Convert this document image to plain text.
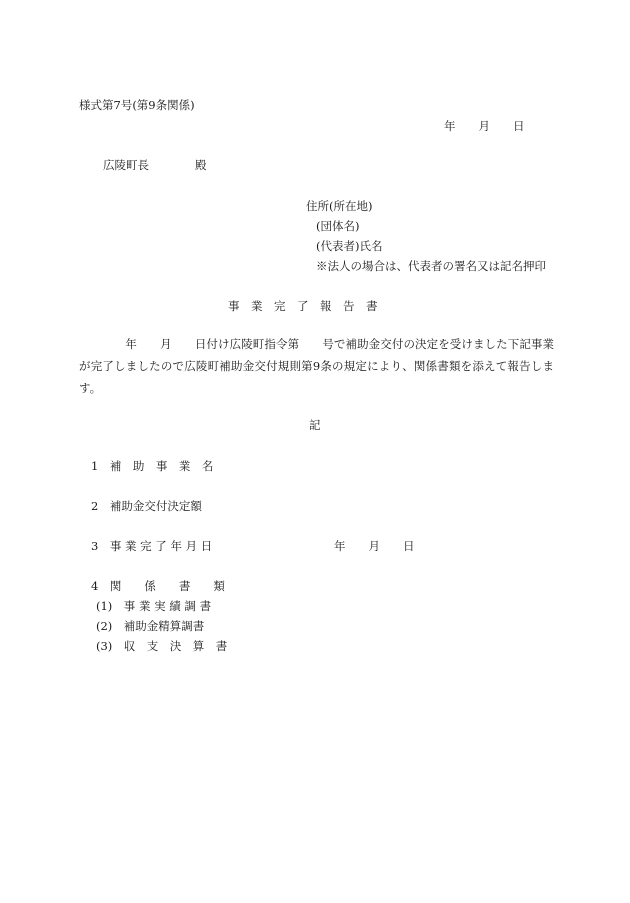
様式第7号(第9条関係)
年　　月　　日
広陵町長　　　　殿
住所(所在地)
(団体名)
(代表者)氏名
※法人の場合は、代表者の署名又は記名押印
事　業　完　了　報　告　書
　　　　年　　月　　日付け広陵町指令第　　号で補助金交付の決定を受けました下記事業が完了しましたので広陵町補助金交付規則第9条の規定により、関係書類を添えて報告します。
記
1　補　助　事　業　名
2　補助金交付決定額
3　事 業 完 了 年 月 日	年　　月　　日
4　関　　係　　書　　類
(1)　事 業 実 績 調 書
(2)　補助金精算調書
(3)　収　支　決　算　書
